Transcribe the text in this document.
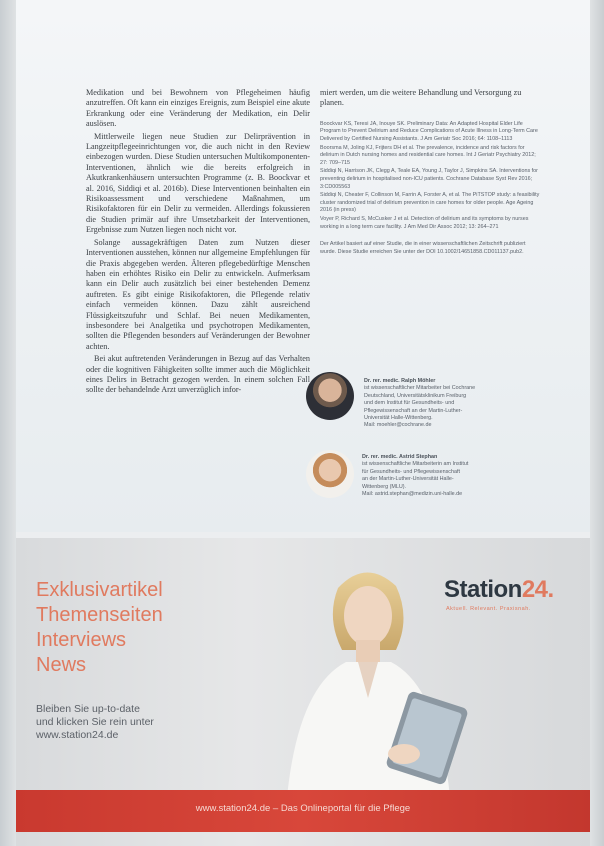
Medikation und bei Bewohnern von Pflegeheimen häufig anzutreffen. Oft kann ein einziges Ereignis, zum Beispiel eine akute Erkrankung oder eine Veränderung der Medikation, ein Delir auslösen.

Mittlerweile liegen neue Studien zur Delirprävention in Langzeitpflegeeinrichtungen vor, die auch nicht in den Review einbezogen wurden. Diese Studien untersuchen Multikomponenten-Interventionen, ähnlich wie die bereits erfolgreich in Akutkrankenhäusern untersuchten Programme (z. B. Boockvar et al. 2016, Siddiqi et al. 2016b). Diese Interventionen beinhalten ein Risikoassessment und verschiedene Maßnahmen, um Risikofaktoren für ein Delir zu vermeiden. Allerdings fokussieren die Studien primär auf ihre Umsetzbarkeit der Interventionen, Ergebnisse zum Nutzen liegen noch nicht vor.

Solange aussagekräftigen Daten zum Nutzen dieser Interventionen ausstehen, können nur allgemeine Empfehlungen für die Praxis abgegeben werden. Älteren pflegebedürftige Menschen haben ein erhöhtes Risiko ein Delir zu entwickeln. Aufmerksam kann ein Delir auch zusätzlich bei einer bestehenden Demenz auftreten. Es gibt einige Risikofaktoren, die Pflegende relativ einfach vermeiden können. Dazu zählt ausreichend Flüssigkeitszufuhr und Schlaf. Bei neuen Medikamenten, insbesondere bei Analgetika und psychotropen Medikamenten, sollten die Pflegenden besonders auf Veränderungen der Bewohner achten.

Bei akut auftretenden Veränderungen in Bezug auf das Verhalten oder die kognitiven Fähigkeiten sollte immer auch die Möglichkeit eines Delirs in Betracht gezogen werden. In einem solchen Fall sollte der behandelnde Arzt unverzüglich infor-

miert werden, um die weitere Behandlung und Versorgung zu planen.

Boockvar KS, Teresi JA, Inouye SK. Preliminary Data: An Adapted Hospital Elder Life Program to Prevent Delirium and Reduce Complications of Acute Illness in Long-Term Care Delivered by Certified Nursing Assistants. J Am Geriatr Soc 2016; 64: 1108–1113

Boorsma M, Joling KJ, Frijters DH et al. The prevalence, incidence and risk factors for delirium in Dutch nursing homes and residential care homes. Int J Geriatr Psychiatry 2012; 27: 709–715

Siddiqi N, Harrison JK, Clegg A, Teale EA, Young J, Taylor J, Simpkins SA. Interventions for preventing delirium in hospitalised non-ICU patients. Cochrane Database Syst Rev 2016; 3:CD005563

Siddiqi N, Cheater F, Collinson M, Farrin A, Forster A, et al. The PiTSTOP study: a feasibility cluster randomized trial of delirium prevention in care homes for older people. Age Ageing 2016 (in press)

Voyer P, Richard S, McCusker J et al. Detection of delirium and its symptoms by nurses working in a long term care facility. J Am Med Dir Assoc 2012; 13: 264–271

Der Artikel basiert auf einer Studie, die in einer wissenschaftlichen Zeitschrift publiziert wurde. Diese Studie erreichen Sie unter der DOI 10.1002/14651858.CD011137.pub2.

Dr. rer. medic. Ralph Möhler
ist wissenschaftlicher Mitarbeiter bei Cochrane
Deutschland, Universitätsklinikum Freiburg
und dem Institut für Gesundheits- und
Pflegewissenschaft an der Martin-Luther-
Universität Halle-Wittenberg.
Mail: moehler@cochrane.de
Dr. rer. medic. Astrid Stephan
ist wissenschaftliche Mitarbeiterin am Institut
für Gesundheits- und Pflegewissenschaft
an der Martin-Luther-Universität Halle-
Wittenberg (MLU).
Mail: astrid.stephan@medizin.uni-halle.de
Exklusivartikel
Themenseiten
Interviews
News
Bleiben Sie up-to-date
und klicken Sie rein unter
www.station24.de
Station24.
Aktuell. Relevant. Praxisnah.
www.station24.de – Das Onlineportal für die Pflege
